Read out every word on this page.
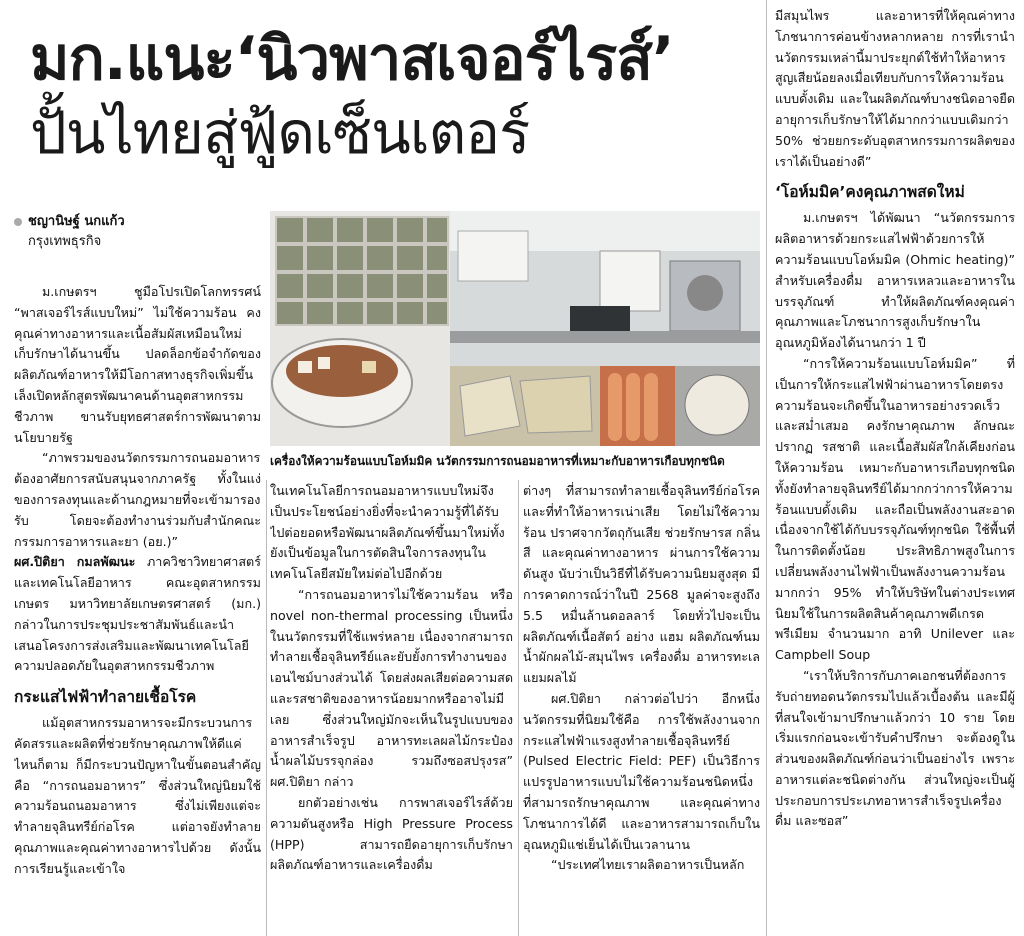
มก.แนะ‘นิวพาสเจอร์ไรส์’
ปั้นไทยสู่ฟู้ดเซ็นเตอร์
ชญานิษฐ์ นกแก้ว
กรุงเทพธุรกิจ
เครื่องให้ความร้อนแบบโอห์มมิค นวัตกรรมการถนอมอาหารที่เหมาะกับอาหารเกือบทุกชนิด

ม.เกษตรฯ ชูมือโปรเปิดโลกทรรศน์ “พาสเจอร์ไรส์แบบใหม่” ไม่ใช้ความร้อน คงคุณค่าทางอาหารและเนื้อสัมผัสเหมือนใหม่ เก็บรักษาได้นานขึ้น ปลดล็อกข้อจำกัดของผลิตภัณฑ์อาหารให้มีโอกาสทางธุรกิจเพิ่มขึ้น เล็งเปิดหลักสูตรพัฒนาคนด้านอุตสาหกรรมชีวภาพ ขานรับยุทธศาสตร์การพัฒนาตามนโยบายรัฐ

“ภาพรวมของนวัตกรรมการถนอมอาหาร ต้องอาศัยการสนับสนุนจากภาครัฐ ทั้งในแง่ของการลงทุนและด้านกฎหมายที่จะเข้ามารองรับ โดยจะต้องทำงานร่วมกับสำนักคณะกรรมการอาหารและยา (อย.)”

ผศ.ปิติยา กมลพัฒนะ ภาควิชาวิทยาศาสตร์และเทคโนโลยีอาหาร คณะอุตสาหกรรมเกษตร มหาวิทยาลัยเกษตรศาสตร์ (มก.) กล่าวในการประชุมประชาสัมพันธ์และนำเสนอโครงการส่งเสริมและพัฒนาเทคโนโลยีความปลอดภัยในอุตสาหกรรมชีวภาพ

กระแสไฟฟ้าทำลายเชื้อโรค

แม้อุตสาหกรรมอาหารจะมีกระบวนการคัดสรรและผลิตที่ช่วยรักษาคุณภาพให้ดีแค่ไหนก็ตาม ก็มีกระบวนปัญหาในขั้นตอนสำคัญคือ “การถนอมอาหาร” ซึ่งส่วนใหญ่นิยมใช้ความร้อนถนอมอาหาร ซึ่งไม่เพียงแต่จะทำลายจุลินทรีย์ก่อโรค แต่อาจยังทำลายคุณภาพและคุณค่าทางอาหารไปด้วย ดังนั้น การเรียนรู้และเข้าใจ

ในเทคโนโลยีการถนอมอาหารแบบใหม่จึงเป็นประโยชน์อย่างยิ่งที่จะนำความรู้ที่ได้รับไปต่อยอดหรือพัฒนาผลิตภัณฑ์ขึ้นมาใหม่ทั้งยังเป็นข้อมูลในการตัดสินใจการลงทุนในเทคโนโลยีสมัยใหม่ต่อไปอีกด้วย

“การถนอมอาหารไม่ใช้ความร้อน หรือ novel non-thermal processing เป็นหนึ่งในนวัตกรรมที่ใช้แพร่หลาย เนื่องจากสามารถทำลายเชื้อจุลินทรีย์และยับยั้งการทำงานของเอนไซม์บางส่วนได้ โดยส่งผลเสียต่อความสดและรสชาติของอาหารน้อยมากหรืออาจไม่มีเลย ซึ่งส่วนใหญ่มักจะเห็นในรูปแบบของอาหารสำเร็จรูป อาหารทะเลผลไม้กระป๋อง น้ำผลไม้บรรจุกล่อง รวมถึงซอสปรุงรส” ผศ.ปิติยา กล่าว

ยกตัวอย่างเช่น การพาสเจอร์ไรส์ด้วยความดันสูงหรือ High Pressure Process (HPP) สามารถยืดอายุการเก็บรักษาผลิตภัณฑ์อาหารและเครื่องดื่ม

ต่างๆ ที่สามารถทำลายเชื้อจุลินทรีย์ก่อโรค และที่ทำให้อาหารเน่าเสีย โดยไม่ใช้ความร้อน ปราศจากวัตถุกันเสีย ช่วยรักษารส กลิ่น สี และคุณค่าทางอาหาร ผ่านการใช้ความดันสูง นับว่าเป็นวิธีที่ได้รับความนิยมสูงสุด มีการคาดการณ์ว่าในปี 2568 มูลค่าจะสูงถึง 5.5 หมื่นล้านดอลลาร์ โดยทั่วไปจะเป็นผลิตภัณฑ์เนื้อสัตว์ อย่าง แฮม ผลิตภัณฑ์นม น้ำผักผลไม้-สมุนไพร เครื่องดื่ม อาหารทะเล แยมผลไม้

ผศ.ปิติยา กล่าวต่อไปว่า อีกหนึ่งนวัตกรรมที่นิยมใช้คือ การใช้พลังงานจากกระแสไฟฟ้าแรงสูงทำลายเชื้อจุลินทรีย์ (Pulsed Electric Field: PEF) เป็นวิธีการแปรรูปอาหารแบบไม่ใช้ความร้อนชนิดหนึ่ง ที่สามารถรักษาคุณภาพ และคุณค่าทางโภชนาการได้ดี และอาหารสามารถเก็บในอุณหภูมิแช่เย็นได้เป็นเวลานาน

“ประเทศไทยเราผลิตอาหารเป็นหลัก

มีสมุนไพร และอาหารที่ให้คุณค่าทางโภชนาการค่อนข้างหลากหลาย การที่เรานำนวัตกรรมเหล่านี้มาประยุกต์ใช้ทำให้อาหารสูญเสียน้อยลงเมื่อเทียบกับการให้ความร้อนแบบดั้งเดิม และในผลิตภัณฑ์บางชนิดอาจยืดอายุการเก็บรักษาให้ได้มากกว่าแบบเดิมกว่า 50% ช่วยยกระดับอุตสาหกรรมการผลิตของเราได้เป็นอย่างดี”

‘โอห์มมิค’คงคุณภาพสดใหม่

ม.เกษตรฯ ได้พัฒนา “นวัตกรรมการผลิตอาหารด้วยกระแสไฟฟ้าด้วยการให้ความร้อนแบบโอห์มมิค (Ohmic heating)” สำหรับเครื่องดื่ม อาหารเหลวและอาหารในบรรจุภัณฑ์ ทำให้ผลิตภัณฑ์คงคุณค่าคุณภาพและโภชนาการสูงเก็บรักษาในอุณหภูมิห้องได้นานกว่า 1 ปี

“การให้ความร้อนแบบโอห์มมิค” ที่เป็นการให้กระแสไฟฟ้าผ่านอาหารโดยตรงความร้อนจะเกิดขึ้นในอาหารอย่างรวดเร็วและสม่ำเสมอ คงรักษาคุณภาพ ลักษณะปรากฏ รสชาติ และเนื้อสัมผัสใกล้เคียงก่อนให้ความร้อน เหมาะกับอาหารเกือบทุกชนิด ทั้งยังทำลายจุลินทรีย์ได้มากกว่าการให้ความร้อนแบบดั้งเดิม และถือเป็นพลังงานสะอาด เนื่องจากใช้ได้กับบรรจุภัณฑ์ทุกชนิด ใช้พื้นที่ในการติดตั้งน้อย ประสิทธิภาพสูงในการเปลี่ยนพลังงานไฟฟ้าเป็นพลังงานความร้อนมากกว่า 95% ทำให้บริษัทในต่างประเทศนิยมใช้ในการผลิตสินค้าคุณภาพดีเกรดพรีเมียม จำนวนมาก อาทิ Unilever และ Campbell Soup

“เราให้บริการกับภาคเอกชนที่ต้องการรับถ่ายทอดนวัตกรรมไปแล้วเบื้องต้น และมีผู้ที่สนใจเข้ามาปรึกษาแล้วกว่า 10 ราย โดยเริ่มแรกก่อนจะเข้ารับคำปรึกษา จะต้องดูในส่วนของผลิตภัณฑ์ก่อนว่าเป็นอย่างไร เพราะอาหารแต่ละชนิดต่างกัน ส่วนใหญ่จะเป็นผู้ประกอบการประเภทอาหารสำเร็จรูปเครื่องดื่ม และซอส”
